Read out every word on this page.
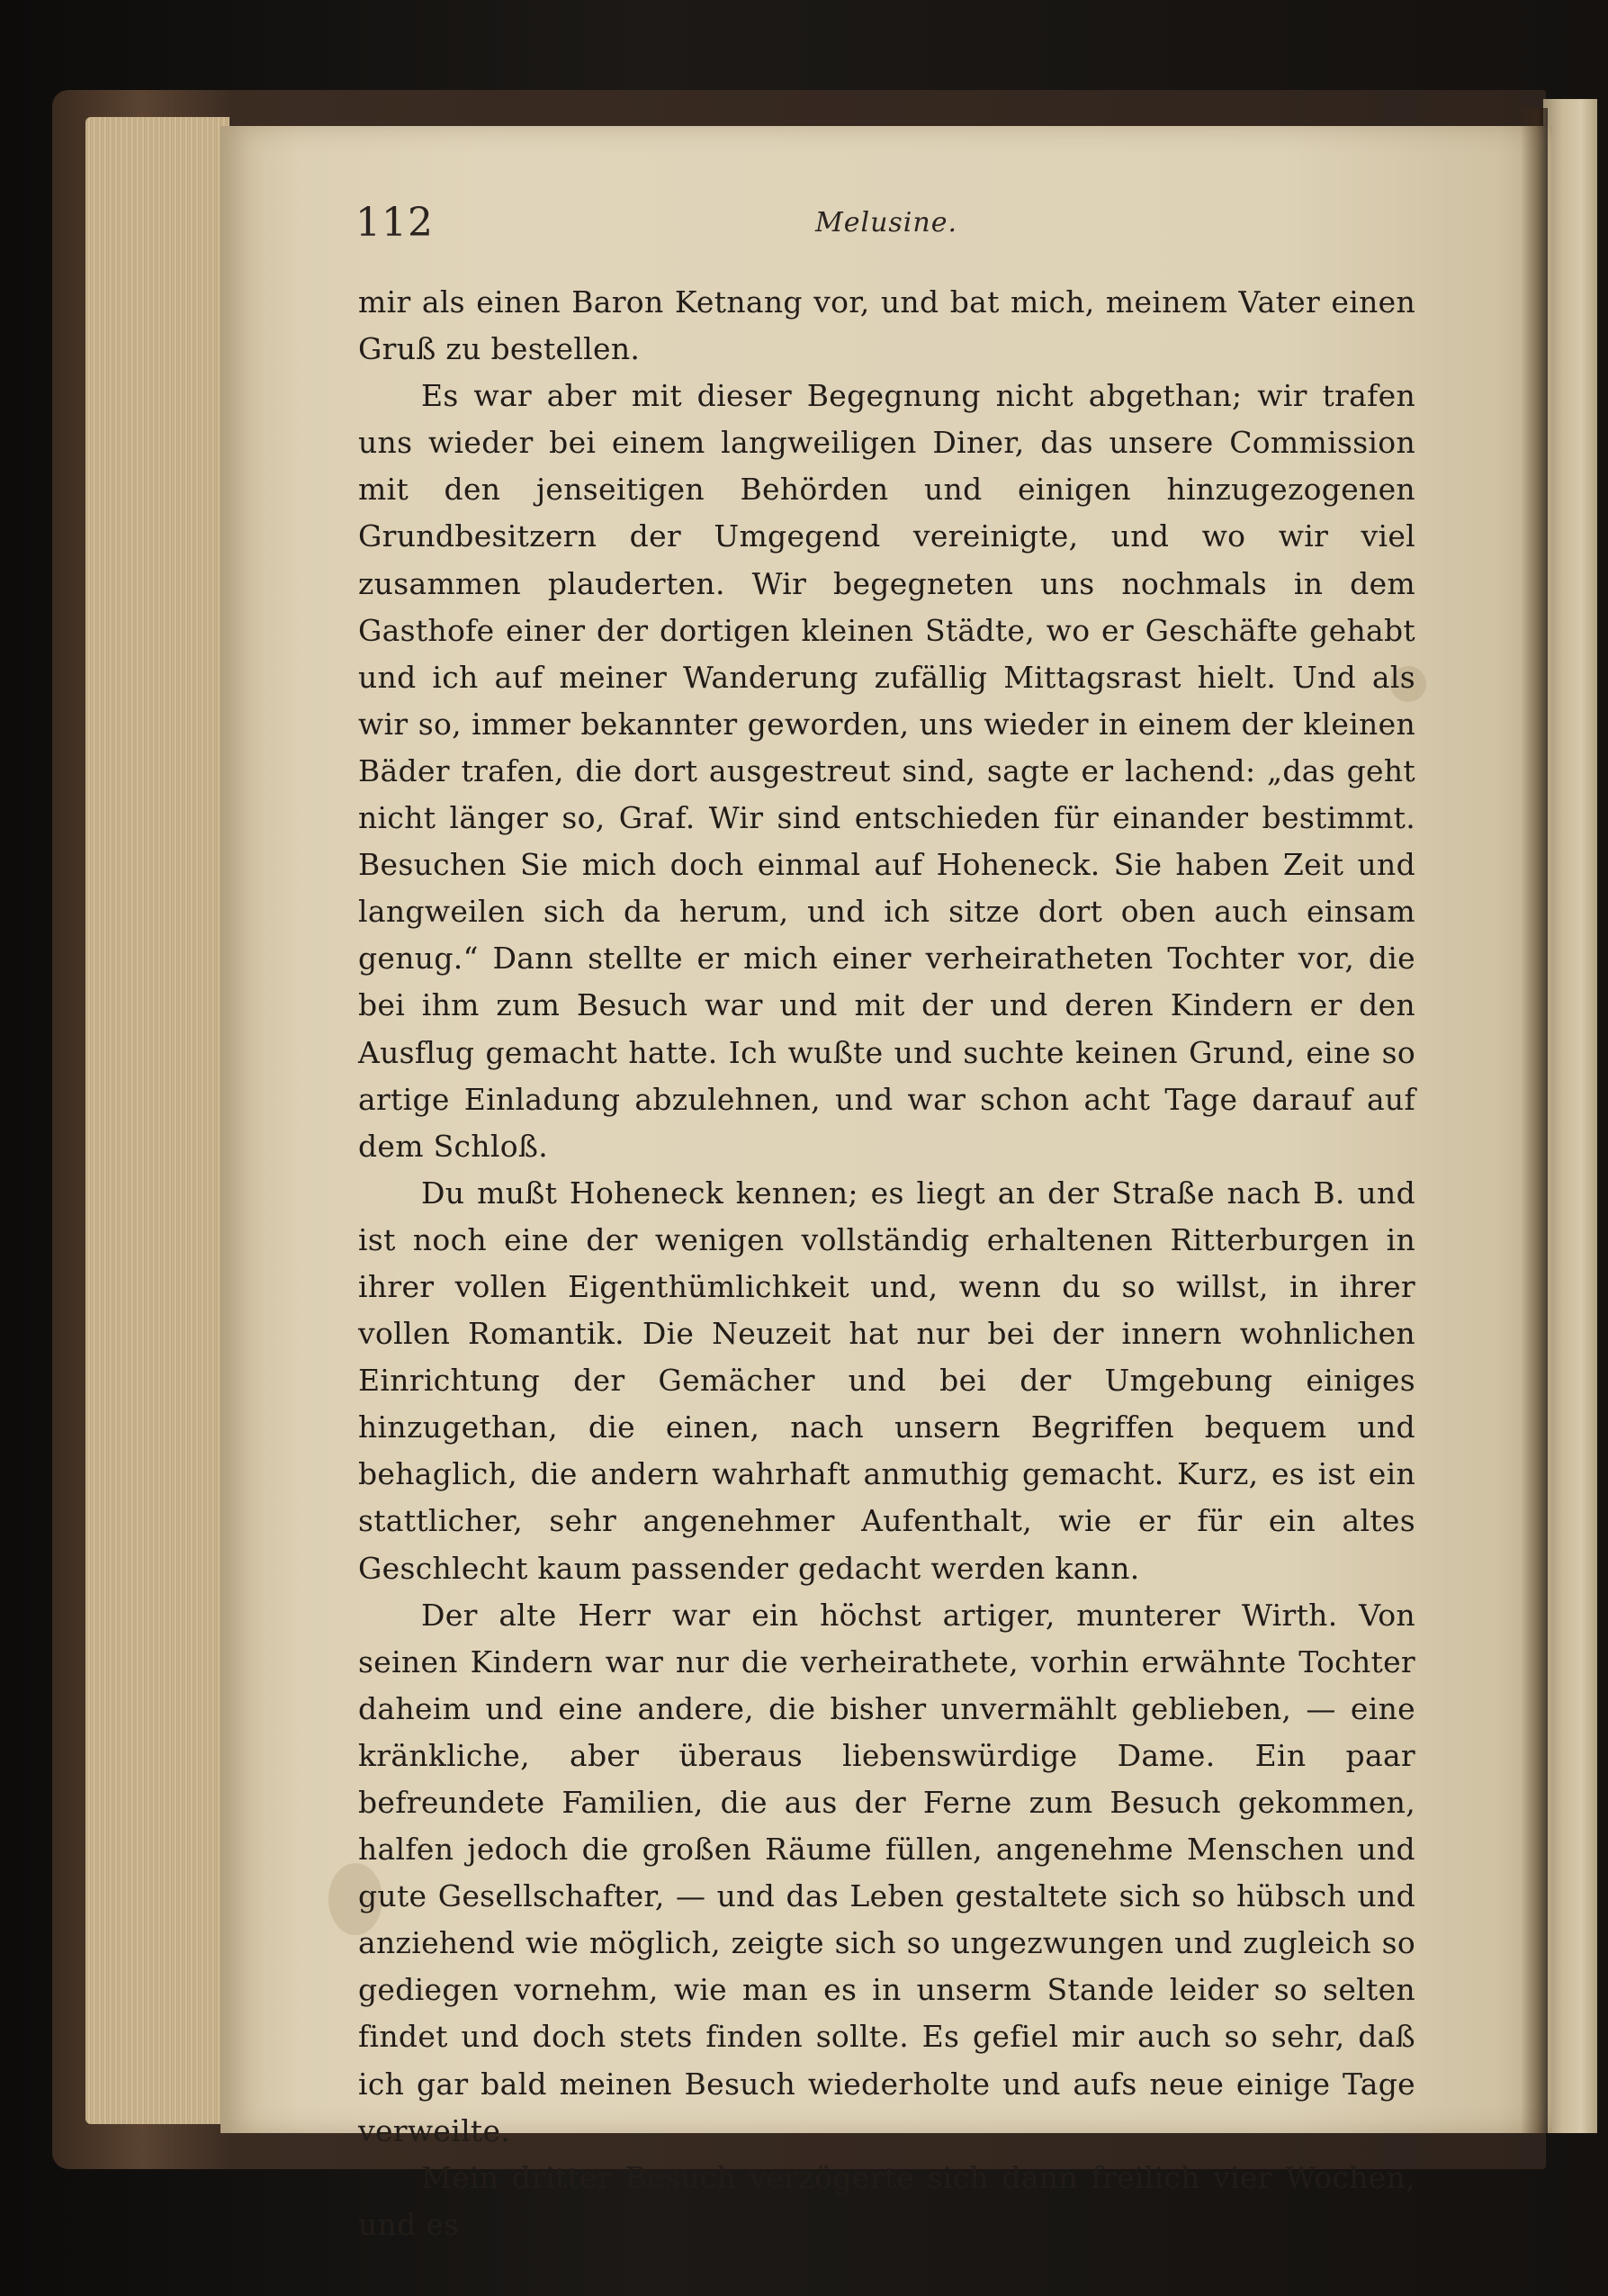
112	Melusine.

mir als einen Baron Ketnang vor, und bat mich, meinem Vater einen Gruß zu bestellen.

Es war aber mit dieser Begegnung nicht abgethan; wir trafen uns wieder bei einem langweiligen Diner, das unsere Commission mit den jenseitigen Behörden und einigen hinzugezogenen Grundbesitzern der Umgegend vereinigte, und wo wir viel zusammen plauderten. Wir begegneten uns nochmals in dem Gasthofe einer der dortigen kleinen Städte, wo er Geschäfte gehabt und ich auf meiner Wanderung zufällig Mittagsrast hielt. Und als wir so, immer bekannter geworden, uns wieder in einem der kleinen Bäder trafen, die dort ausgestreut sind, sagte er lachend: „das geht nicht länger so, Graf. Wir sind entschieden für einander bestimmt. Besuchen Sie mich doch einmal auf Hoheneck. Sie haben Zeit und langweilen sich da herum, und ich sitze dort oben auch einsam genug.“ Dann stellte er mich einer verheiratheten Tochter vor, die bei ihm zum Besuch war und mit der und deren Kindern er den Ausflug gemacht hatte. Ich wußte und suchte keinen Grund, eine so artige Einladung abzulehnen, und war schon acht Tage darauf auf dem Schloß.

Du mußt Hoheneck kennen; es liegt an der Straße nach B. und ist noch eine der wenigen vollständig erhaltenen Ritterburgen in ihrer vollen Eigenthümlichkeit und, wenn du so willst, in ihrer vollen Romantik. Die Neuzeit hat nur bei der innern wohnlichen Einrichtung der Gemächer und bei der Umgebung einiges hinzugethan, die einen, nach unsern Begriffen bequem und behaglich, die andern wahrhaft anmuthig gemacht. Kurz, es ist ein stattlicher, sehr angenehmer Aufenthalt, wie er für ein altes Geschlecht kaum passender gedacht werden kann.

Der alte Herr war ein höchst artiger, munterer Wirth. Von seinen Kindern war nur die verheirathete, vorhin erwähnte Tochter daheim und eine andere, die bisher unvermählt geblieben, — eine kränkliche, aber überaus liebenswürdige Dame. Ein paar befreundete Familien, die aus der Ferne zum Besuch gekommen, halfen jedoch die großen Räume füllen, angenehme Menschen und gute Gesellschafter, — und das Leben gestaltete sich so hübsch und anziehend wie möglich, zeigte sich so ungezwungen und zugleich so gediegen vornehm, wie man es in unserm Stande leider so selten findet und doch stets finden sollte. Es gefiel mir auch so sehr, daß ich gar bald meinen Besuch wiederholte und aufs neue einige Tage verweilte.

Mein dritter Besuch verzögerte sich dann freilich vier Wochen, und es
